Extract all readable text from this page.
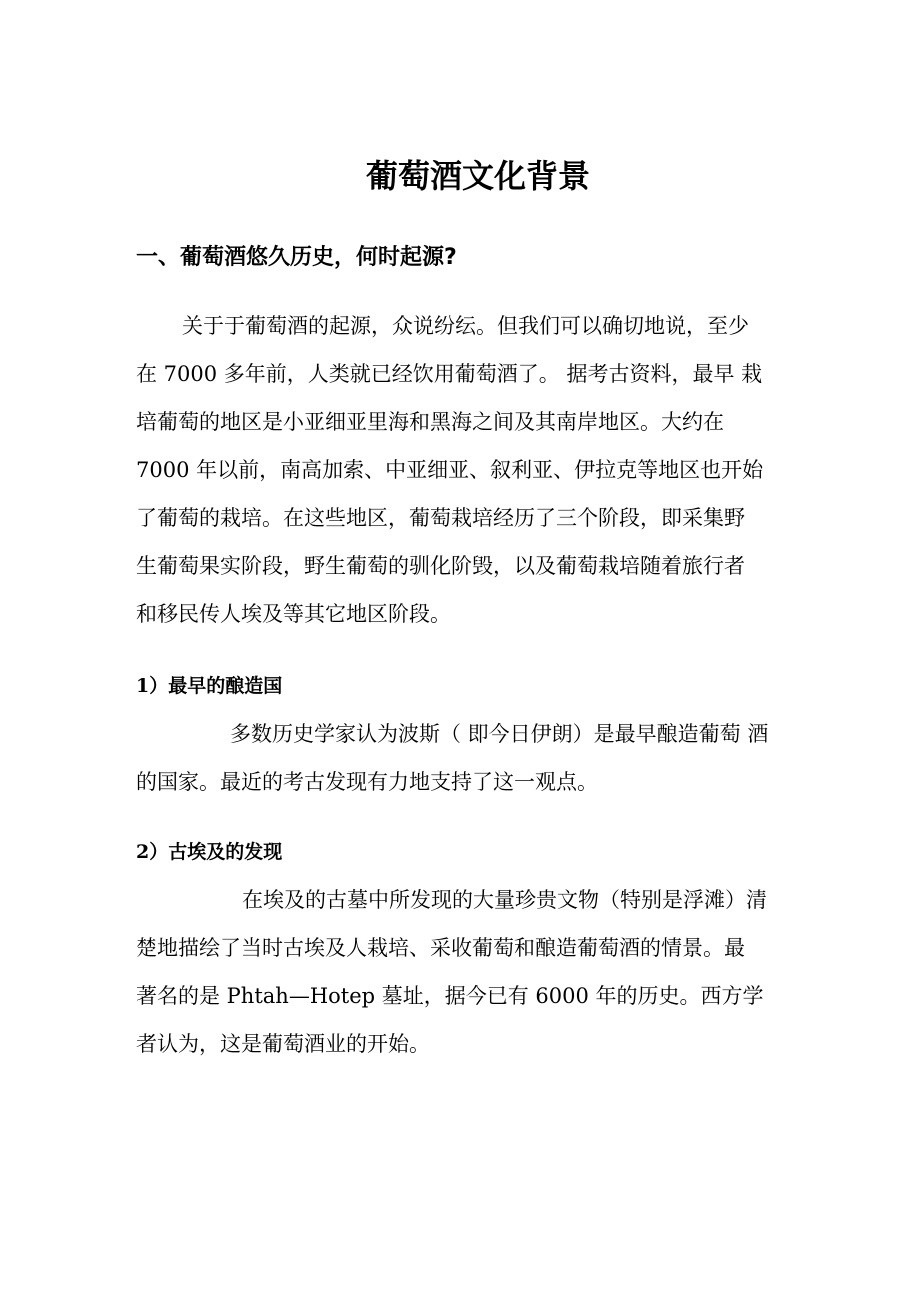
葡萄酒文化背景
一、葡萄酒悠久历史，何时起源?
关于于葡萄酒的起源，众说纷纭。但我们可以确切地说，至少
在 7000 多年前，人类就已经饮用葡萄酒了。 据考古资料，最早 栽
培葡萄的地区是小亚细亚里海和黑海之间及其南岸地区。大约在
7000 年以前，南高加索、中亚细亚、叙利亚、伊拉克等地区也开始
了葡萄的栽培。在这些地区，葡萄栽培经历了三个阶段，即采集野
生葡萄果实阶段，野生葡萄的驯化阶毁，以及葡萄栽培随着旅行者
和移民传人埃及等其它地区阶段。
1）最早的酿造国
多数历史学家认为波斯（ 即今日伊朗）是最早酿造葡萄 酒
的国家。最近的考古发现有力地支持了这一观点。
2）古埃及的发现
在埃及的古墓中所发现的大量珍贵文物（特别是浮滩）清
楚地描绘了当时古埃及人栽培、采收葡萄和酿造葡萄酒的情景。最
著名的是 Phtah—Hotep 墓址，据今已有 6000 年的历史。西方学
者认为，这是葡萄酒业的开始。
